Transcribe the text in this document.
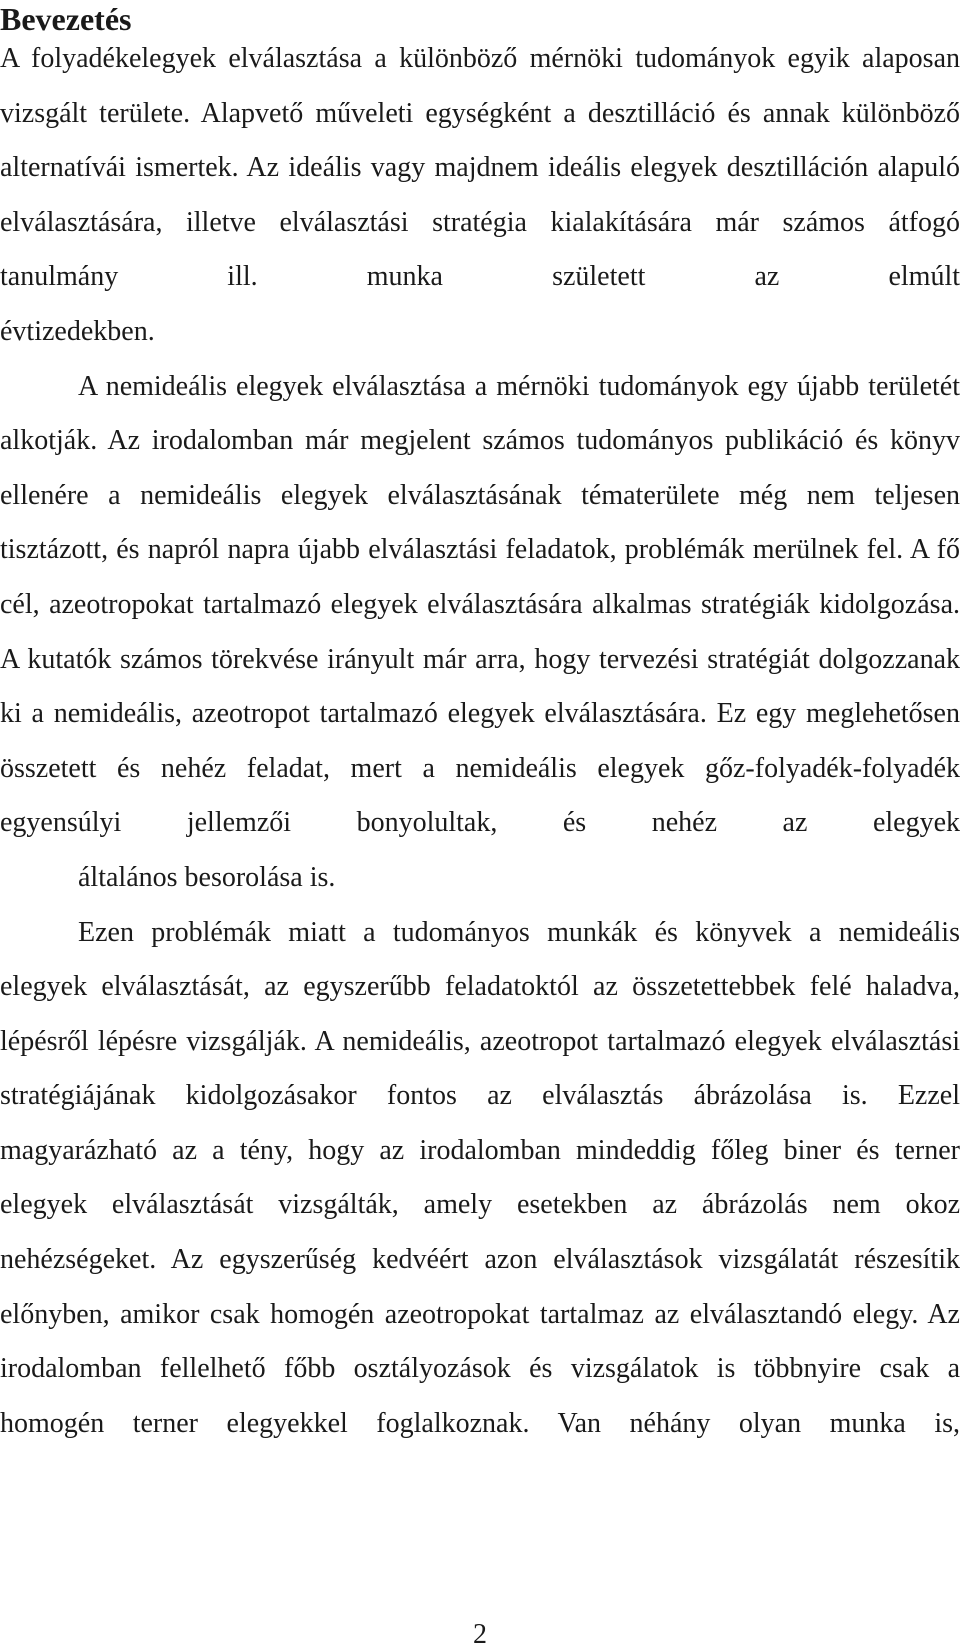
Bevezetés

A folyadékelegyek elválasztása a különböző mérnöki tudományok egyik alaposan vizsgált területe. Alapvető műveleti egységként a desztilláció és annak különböző alternatívái ismertek. Az ideális vagy majdnem ideális elegyek desztilláción alapuló elválasztására, illetve elválasztási stratégia kialakítására már számos átfogó tanulmány ill. munka született az elmúlt
évtizedekben.

A nemideális elegyek elválasztása a mérnöki tudományok egy újabb területét alkotják. Az irodalomban már megjelent számos tudományos publikáció és könyv ellenére a nemideális elegyek elválasztásának tématerülete még nem teljesen tisztázott, és napról napra újabb elválasztási feladatok, problémák merülnek fel. A fő cél, azeotropokat tartalmazó elegyek elválasztására alkalmas stratégiák kidolgozása. A kutatók számos törekvése irányult már arra, hogy tervezési stratégiát dolgozzanak ki a nemideális, azeotropot tartalmazó elegyek elválasztására. Ez egy meglehetősen összetett és nehéz feladat, mert a nemideális elegyek gőz-folyadék-folyadék egyensúlyi jellemzői bonyolultak, és nehéz az elegyek
általános besorolása is.

Ezen problémák miatt a tudományos munkák és könyvek a nemideális elegyek elválasztását, az egyszerűbb feladatoktól az összetettebbek felé haladva, lépésről lépésre vizsgálják. A nemideális, azeotropot tartalmazó elegyek elválasztási stratégiájának kidolgozásakor fontos az elválasztás ábrázolása is. Ezzel magyarázható az a tény, hogy az irodalomban mindeddig főleg biner és terner elegyek elválasztását vizsgálták, amely esetekben az ábrázolás nem okoz nehézségeket. Az egyszerűség kedvéért azon elválasztások vizsgálatát részesítik előnyben, amikor csak homogén azeotropokat tartalmaz az elválasztandó elegy. Az irodalomban fellelhető főbb osztályozások és vizsgálatok is többnyire csak a homogén terner elegyekkel foglalkoznak. Van néhány olyan munka is,

2
